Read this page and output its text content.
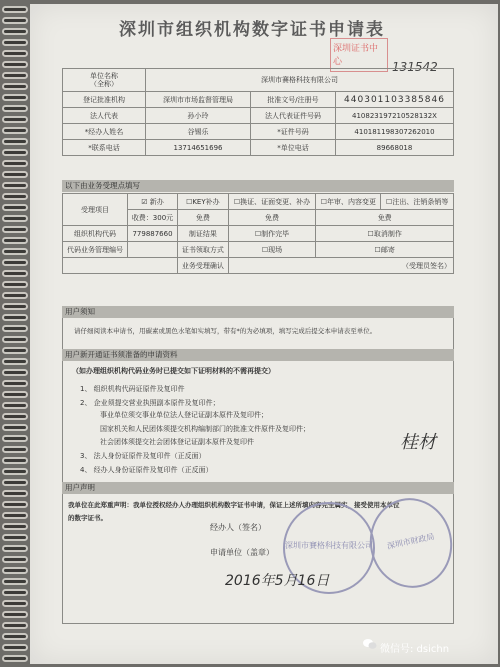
深圳市组织机构数字证书申请表
深圳证书中心	131542
单位名称
（全称）	深圳市賽格科技有限公司		
登记批准机构	深圳市市场监督管理局	批准文号/注册号	440301103385846
法人代表	孙小玲	法人代表证件号码	410823197210528132X
*经办人姓名	谷锡乐	*证件号码	410181198307262010
*联系电话	13714651696	*单位电话	89668018
以下由业务受理点填写
受理项目	☑ 新办	☐KEY补办	☐换证、证面变更、补办	☐年审、内容变更	☐注出、注销条销等
	收费：300元	免费	免费	免费	
组织机构代码	779887660	制证结果	☐制作完毕	☐取消制作	
代码业务管理编号		证书领取方式	☐现场	☐邮寄	
		业务受理确认	（受理员签名）		
用户须知
请仔细阅读本申请书，用碳素或黑色水笔如实填写，带有*的为必填项，填写完成后提交本申请表至单位。
用户新开通证书须准备的申请资料
（如办理组织机构代码业务时已提交如下证明材料的不需再提交）
1、 组织机构代码证原件及复印件
2、 企业须提交营业执照副本原件及复印件；
事业单位须交事业单位法人登记证副本原件及复印件；
国家机关和人民团体须提交机构编制部门的批准文件原件及复印件；
社会团体须提交社会团体登记证副本原件及复印件
3、 法人身份证原件及复印件（正反面）
4、 经办人身份证原件及复印件（正反面）
桂材
用户声明
我单位在此郑重声明：我单位授权经办人办理组织机构数字证书申请，保证上述所填内容完全属实，接受使用本单位
的数字证书。
深圳市賽格科技有限公司	深圳市財政局
经办人（签名）
申请单位（盖章）
2016年5月16日
微信号: dsichn
